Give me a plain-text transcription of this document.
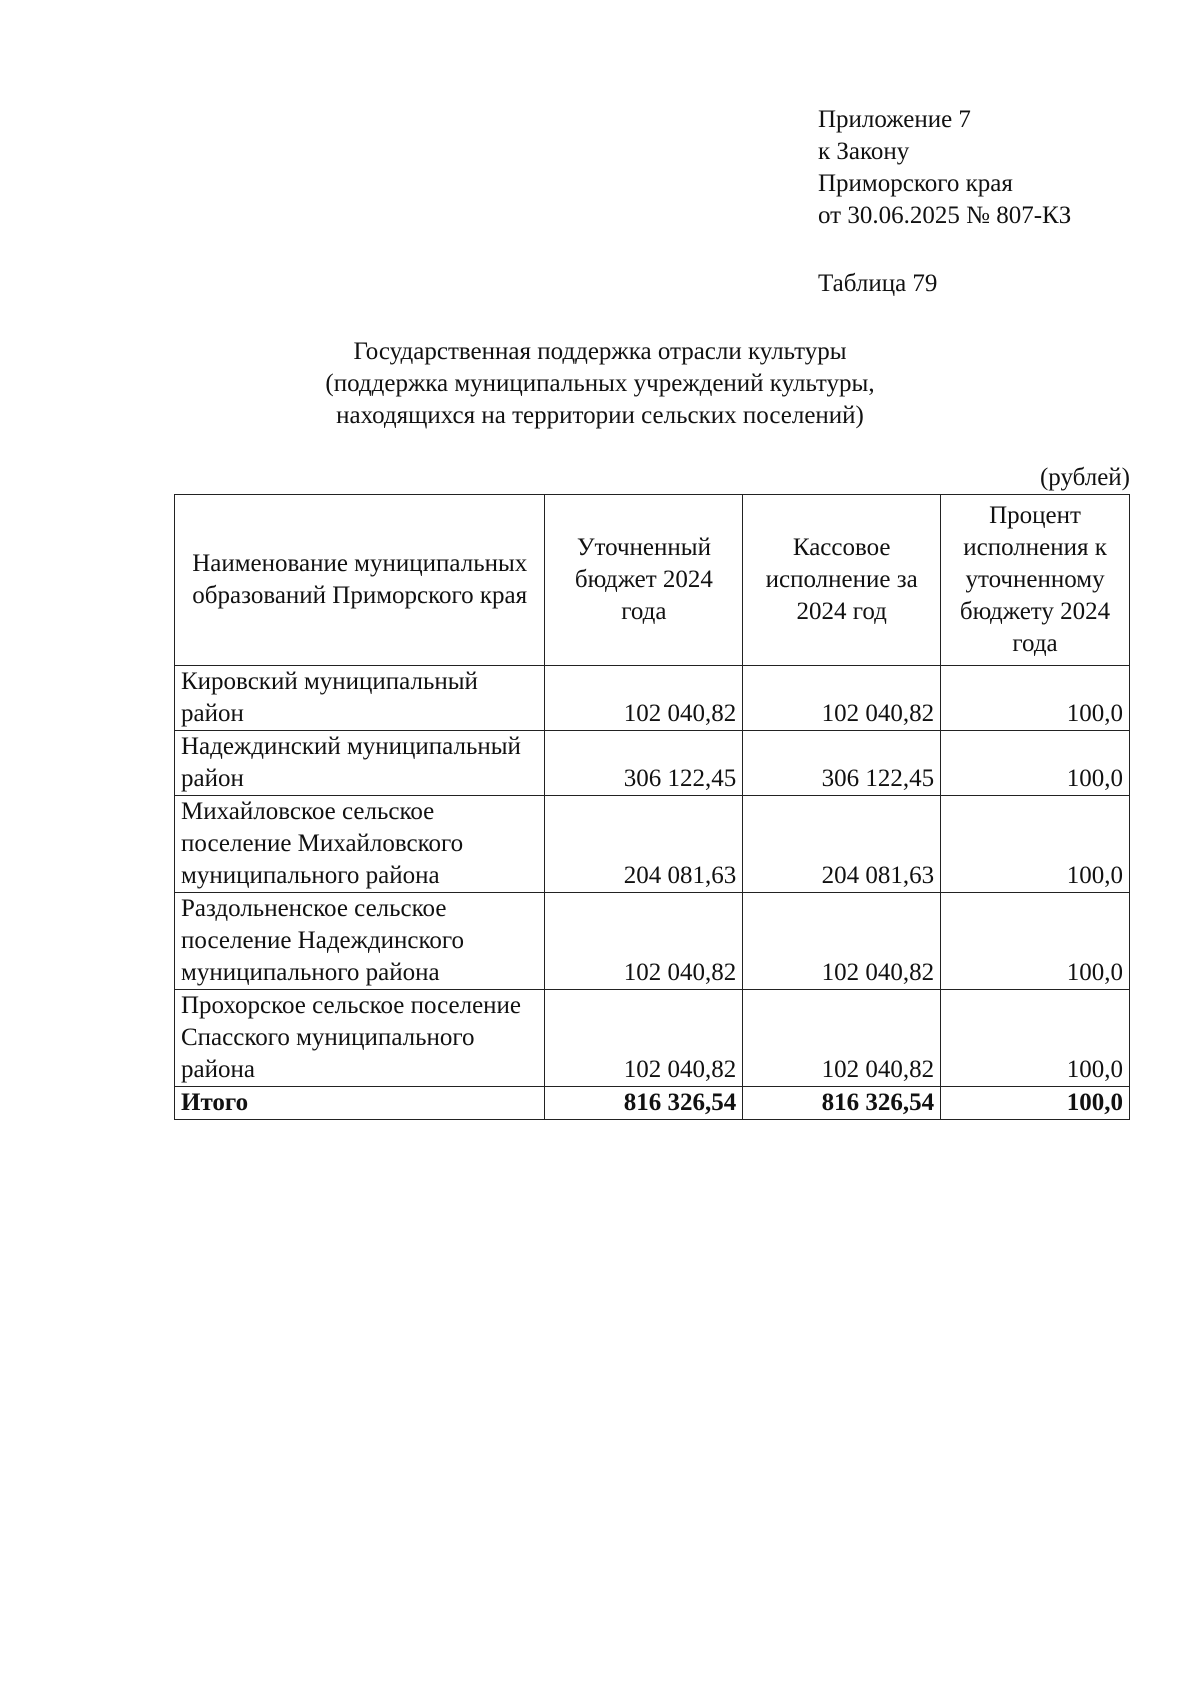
Приложение 7
к Закону
Приморского края
от 30.06.2025 № 807-КЗ
Таблица 79
Государственная поддержка отрасли культуры
(поддержка муниципальных учреждений культуры,
находящихся на территории сельских поселений)
(рублей)
Наименование муниципальных образований Приморского края	Уточненный бюджет 2024 года	Кассовое исполнение за 2024 год	Процент исполнения к уточненному бюджету 2024 года
Кировский муниципальный район	102 040,82	102 040,82	100,0
Надеждинский муниципальный район	306 122,45	306 122,45	100,0
Михайловское сельское поселение Михайловского муниципального района	204 081,63	204 081,63	100,0
Раздольненское сельское поселение Надеждинского муниципального района	102 040,82	102 040,82	100,0
Прохорское сельское поселение Спасского муниципального района	102 040,82	102 040,82	100,0
Итого	816 326,54	816 326,54	100,0
